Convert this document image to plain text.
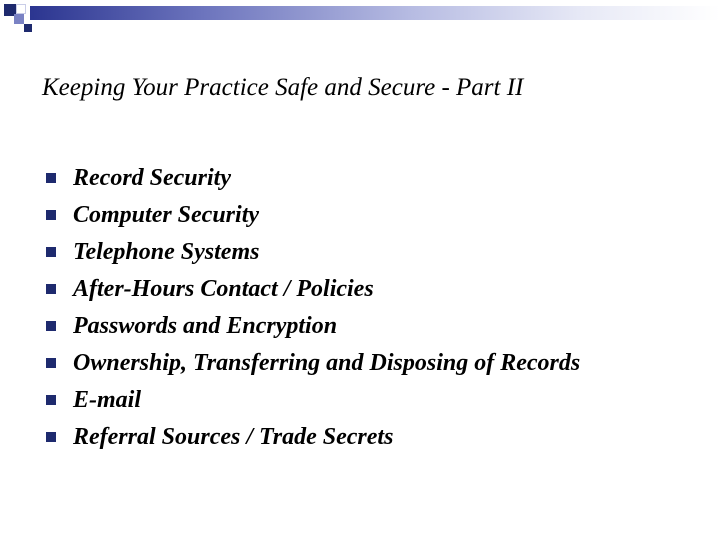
Keeping Your Practice Safe and Secure - Part II
Record Security
Computer Security
Telephone Systems
After-Hours Contact / Policies
Passwords and Encryption
Ownership, Transferring and Disposing of Records
E-mail
Referral Sources / Trade Secrets
